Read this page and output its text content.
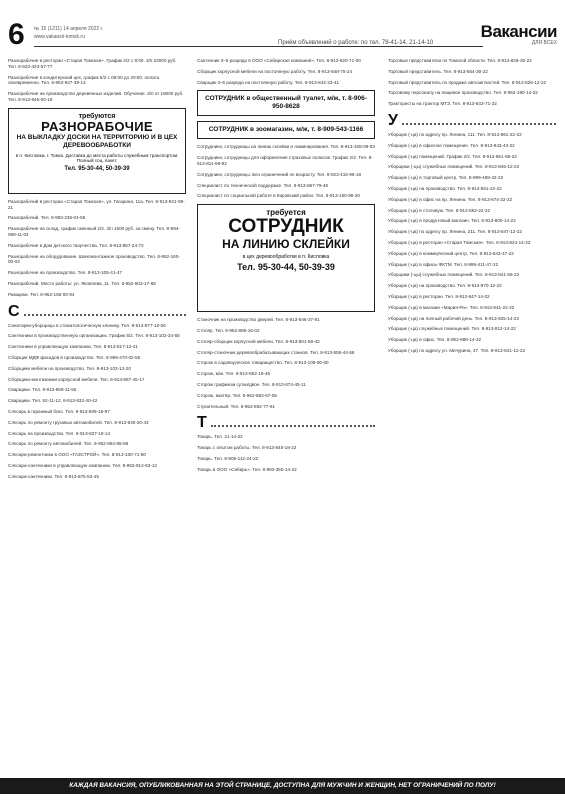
6 № 15 (1211) 14 апреля 2022 г.
www.vakansii-tomsk.ru
Приём объявлений о работе: по тел. 78-41-14, 21-14-10
Вакансии
ДЛЯ ВСЕХ
Разнорабочие в ресторан «Старая Томская». График 2/2 с 9:00. 3/п 23000 руб. Тел. 8-923-423-57-77
Разнорабочие в кондитерский цех, график 5/2 с 09:00 до 20:00, оплата своевременно. Тел. 8-953-927-39-12
Разнорабочие на производство деревянных изделий. Обучение. 3/п от 18000 руб. Тел. 8-913-845-00-18
требуются
РАЗНОРАБОЧИЕ
НА ВЫКЛАДКУ ДОСКИ НА ТЕРРИТОРИЮ И В ЦЕХ ДЕРЕВООБРАБОТКИ
в п. Кисловка, г. Томск. Доставка до места работы служебным транспортом. Полный соц. пакет.
Тел. 95-30-44, 50-39-39
Разнорабочий в ресторан «Старая Томская», ул. Гагарина, 11а. Тел. 8-913-821-08-21
Разнорабочий. Тел. 8-983-235-04-55
Разнорабочие на склад, график сменный 2/2. 3/п 1500 руб. за смену. Тел. 8-994-089-11-04
Разнорабочие в Дом детского творчества. Тел. 8-913-857-24-72
Разнорабочие на оборудование. Шиномонтажное производство. Тел. 8-952-160-00-03
Разнорабочие на производство. Тел. 8-913-105-41-47
Разнорабочий. Место работы: ул. Яковлева, 11. Тел. 8-952-803-17-68
Рамщики. Тел. 8-952-155-00-94
С
Санитарки-уборщицы в стоматологическую клинику. Тел. 8-913-877-10-06
Сантехники в производственную организацию. График 5/2. Тел. 8-913-102-34-55
Сантехники в управляющую компанию. Тел. 8-913-817-12-41
Сборщик МДФ фасадов в производство. Тел. 8-999-470-02-55
Сборщики мебели на производство. Тел. 8-913-103-12-20
Сборщики-монтажники корпусной мебели. Тел. 8-913-857-45-17
Сварщики. Тел. 8-913-859-11-55
Сварщики. Тел. 52-11-12, 8-913-832-40-42
Слесарь в гаражный бокс. Тел. 8-913-805-18-97
Слесарь по ремонту грузовых автомобилей. Тел. 8-913-840-20-43
Слесарь на производство. Тел. 8-913-827-19-14
Слесарь по ремонту автомобилей. Тел. 8-952-884-88-88
Слесари-ремонтники в ООО «ГАЗСТРОЙ». Тел. 8-913-100-71-80
Слесари-сантехники в управляющую компанию. Тел. 8-953-912-93-12
Слесари-сантехники. Тел. 8-913-875-53-45
Сантехник 3–5 разряда в ООО «Сибирская компания». Тел. 8-913-820-71-00
Сборщик корпусной мебели на постоянную работу. Тел. 8-913-848-75-24
Сварщик 4–5 разряда на постоянную работу. Тел. 8-913-842-23-41
СОТРУДНИК в общественный туалет, м/ж, т. 8-906-950-8628
СОТРУДНИК в зоомагазин, м/ж, т. 8-909-543-1166
Сотрудники, сотрудницы на линию склейки и ламинирования. Тел. 8-913-108-09-53
Сотрудники, сотрудницы для оформления страховых полисов. График 2/2. Тел. 8-913-811-59-92
Сотрудники, сотрудницы. Без ограничений по возрасту. Тел. 8-923-415-96-18
Специалист по технической поддержке. Тел. 8-913-867-79-45
Специалист по социальной работе в Кировский район. Тел. 8-913-150-99-20
требуется
СОТРУДНИК
НА ЛИНИЮ СКЛЕЙКИ
в цех деревообработки в п. Кисловка
Тел. 95-30-44, 50-39-39
Станочник на производство дверей. Тел. 8-913-846-37-91
Столяр. Тел. 8-952-885-16-02
Столяр-сборщик корпусной мебели. Тел. 8-913-801-56-42
Столяр-станочник деревообрабатывающих станков. Тел. 8-913-855-44-58
Сторож в садоводческое товарищество. Тел. 8-913-109-00-00
Сторож, м/ж. Тел. 8-913-852-19-46
Сторож графиком сутки/двое. Тел. 8-913-874-45-11
Сторож, вахтёр. Тел. 8-952-883-67-06
Строительный. Тел. 8-952-892-77-91
Т
Токарь. Тел. 21-14-22
Токарь с опытом работы. Тел. 8-913-845-18-22
Токарь. Тел. 8-905-112-24-22
Токарь в ООО «Сибирь». Тел. 8-983-350-14-22
Торговые представители по Томской области. Тел. 8-913-828-35-22
Торговый представитель. Тел. 8-913-854-30-22
Торговый представитель по продаже автозапчастей. Тел. 8-913-826-12-22
Торговому персоналу на пищевое производство. Тел. 8-952-190-14-22
Трактористы на трактор МТЗ. Тел. 8-913-843-71-22
У
Уборщик (-ца) по адресу пр. Ленина, 111. Тел. 8-913-861-22-22
Уборщик (-ца) в офисное помещение. Тел. 8-913-843-43-22
Уборщик (-ца) помещений. График 2/2. Тел. 8-913-861-58-22
Уборщики (-цы) служебных помещений. Тел. 8-913-845-12-22
Уборщик (-ца) в торговый центр. Тел. 8-999-499-42-22
Уборщик (-ца) на производство. Тел. 8-913-861-22-22
Уборщик (-ца) в офис на пр. Ленина. Тел. 8-913-874-22-22
Уборщик (-ца) в столовую. Тел. 8-913-862-22-22
Уборщик (-ца) в продуктовый магазин. Тел. 8-913-800-14-22
Уборщик (-ца) по адресу пр. Ленина, 211. Тел. 8-913-847-12-22
Уборщик (-ца) в ресторан «Старая Томская». Тел. 8-913-824-14-22
Уборщик (-ца) в коммерческий центр. Тел. 8-913-843-47-22
Уборщик (-ца) в офисы ФКТМ. Тел. 8-999-411-47-22
Уборщики (-цы) служебных помещений. Тел. 8-913-841-56-22
Уборщик (-ца) на производство. Тел. 8-913-870-12-22
Уборщик (-ца) в ресторан. Тел. 8-913-847-14-22
Уборщик (-ца) в магазин «Мария-Ра». Тел. 8-913-841-22-22
Уборщик (-ца) на полный рабочий день. Тел. 8-913-825-14-22
Уборщик (-ца) служебных помещений. Тел. 8-913-812-14-22
Уборщик (-ца) в офис. Тел. 8-952-888-14-22
Уборщик (-ца) по адресу ул. Мичурина, 47. Тел. 8-913-841-12-22
КАЖДАЯ ВАКАНСИЯ, ОПУБЛИКОВАННАЯ НА ЭТОЙ СТРАНИЦЕ, ДОСТУПНА ДЛЯ МУЖЧИН И ЖЕНЩИН, НЕТ ОГРАНИЧЕНИЙ ПО ПОЛУ!
